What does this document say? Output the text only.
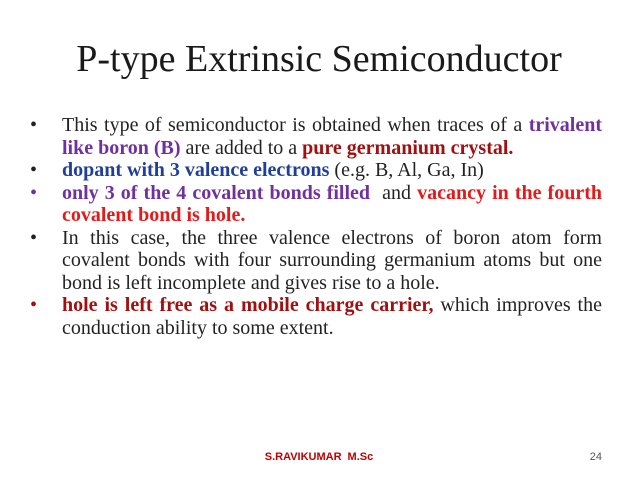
P-type Extrinsic Semiconductor
• This type of semiconductor is obtained when traces of a trivalent like boron (B) are added to a pure germanium crystal.
• dopant with 3 valence electrons (e.g. B, Al, Ga, In)
• only 3 of the 4 covalent bonds filled  and vacancy in the fourth covalent bond is hole.
• In this case, the three valence electrons of boron atom form covalent bonds with four surrounding germanium atoms but one bond is left incomplete and gives rise to a hole.
• hole is left free as a mobile charge carrier, which improves the conduction ability to some extent.
S.RAVIKUMAR M.Sc	24
